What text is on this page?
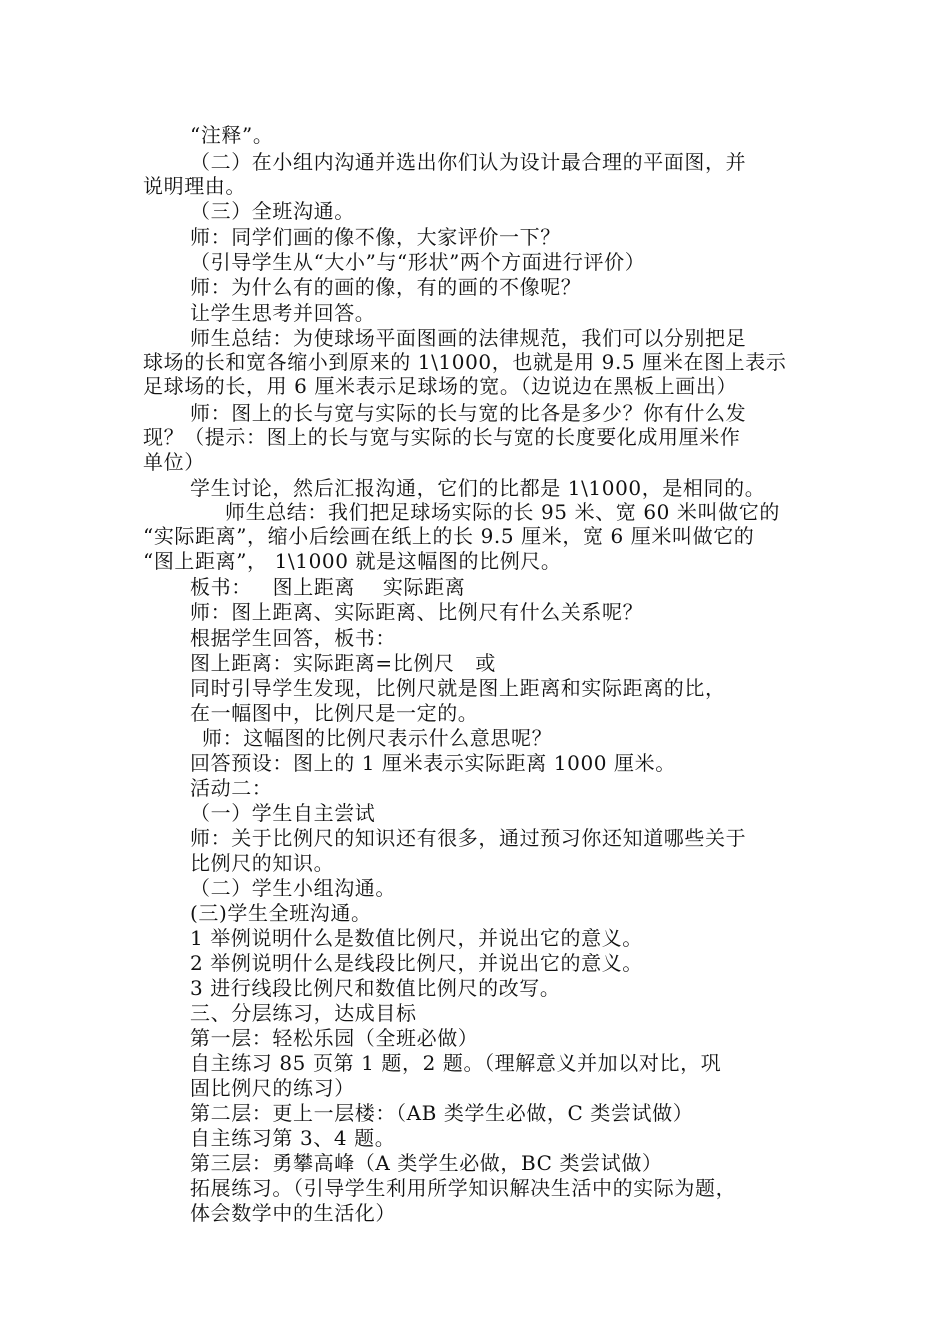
“注释”。
（二）在小组内沟通并选出你们认为设计最合理的平面图，并
说明理由。
（三）全班沟通。
师：同学们画的像不像，大家评价一下？
（引导学生从“大小”与“形状”两个方面进行评价）
师：为什么有的画的像，有的画的不像呢？
让学生思考并回答。
师生总结：为使球场平面图画的法律规范，我们可以分别把足
球场的长和宽各缩小到原来的 1\1000，也就是用 9.5 厘米在图上表示
足球场的长，用 6 厘米表示足球场的宽。（边说边在黑板上画出）
师：图上的长与宽与实际的长与宽的比各是多少？你有什么发
现？（提示：图上的长与宽与实际的长与宽的长度要化成用厘米作
单位）
学生讨论，然后汇报沟通，它们的比都是 1\1000，是相同的。
师生总结：我们把足球场实际的长 95 米、宽 60 米叫做它的
“实际距离”，缩小后绘画在纸上的长 9.5 厘米，宽 6 厘米叫做它的
“图上距离”， 1\1000 就是这幅图的比例尺。
板书：   图上距离    实际距离
师：图上距离、实际距离、比例尺有什么关系呢？
根据学生回答，板书：
图上距离：实际距离=比例尺   或
同时引导学生发现，比例尺就是图上距离和实际距离的比，
在一幅图中，比例尺是一定的。
师：这幅图的比例尺表示什么意思呢？
回答预设：图上的 1 厘米表示实际距离 1000 厘米。
活动二：
（一）学生自主尝试
师：关于比例尺的知识还有很多，通过预习你还知道哪些关于
比例尺的知识。
（二）学生小组沟通。
(三)学生全班沟通。
1 举例说明什么是数值比例尺，并说出它的意义。
2 举例说明什么是线段比例尺，并说出它的意义。
3 进行线段比例尺和数值比例尺的改写。
三、分层练习，达成目标
第一层：轻松乐园（全班必做）
自主练习 85 页第 1 题，2 题。（理解意义并加以对比，巩
固比例尺的练习）
第二层：更上一层楼：（AB 类学生必做，C 类尝试做）
自主练习第 3、4 题。
第三层：勇攀高峰（A 类学生必做，BC 类尝试做）
拓展练习。（引导学生利用所学知识解决生活中的实际为题，
体会数学中的生活化）
